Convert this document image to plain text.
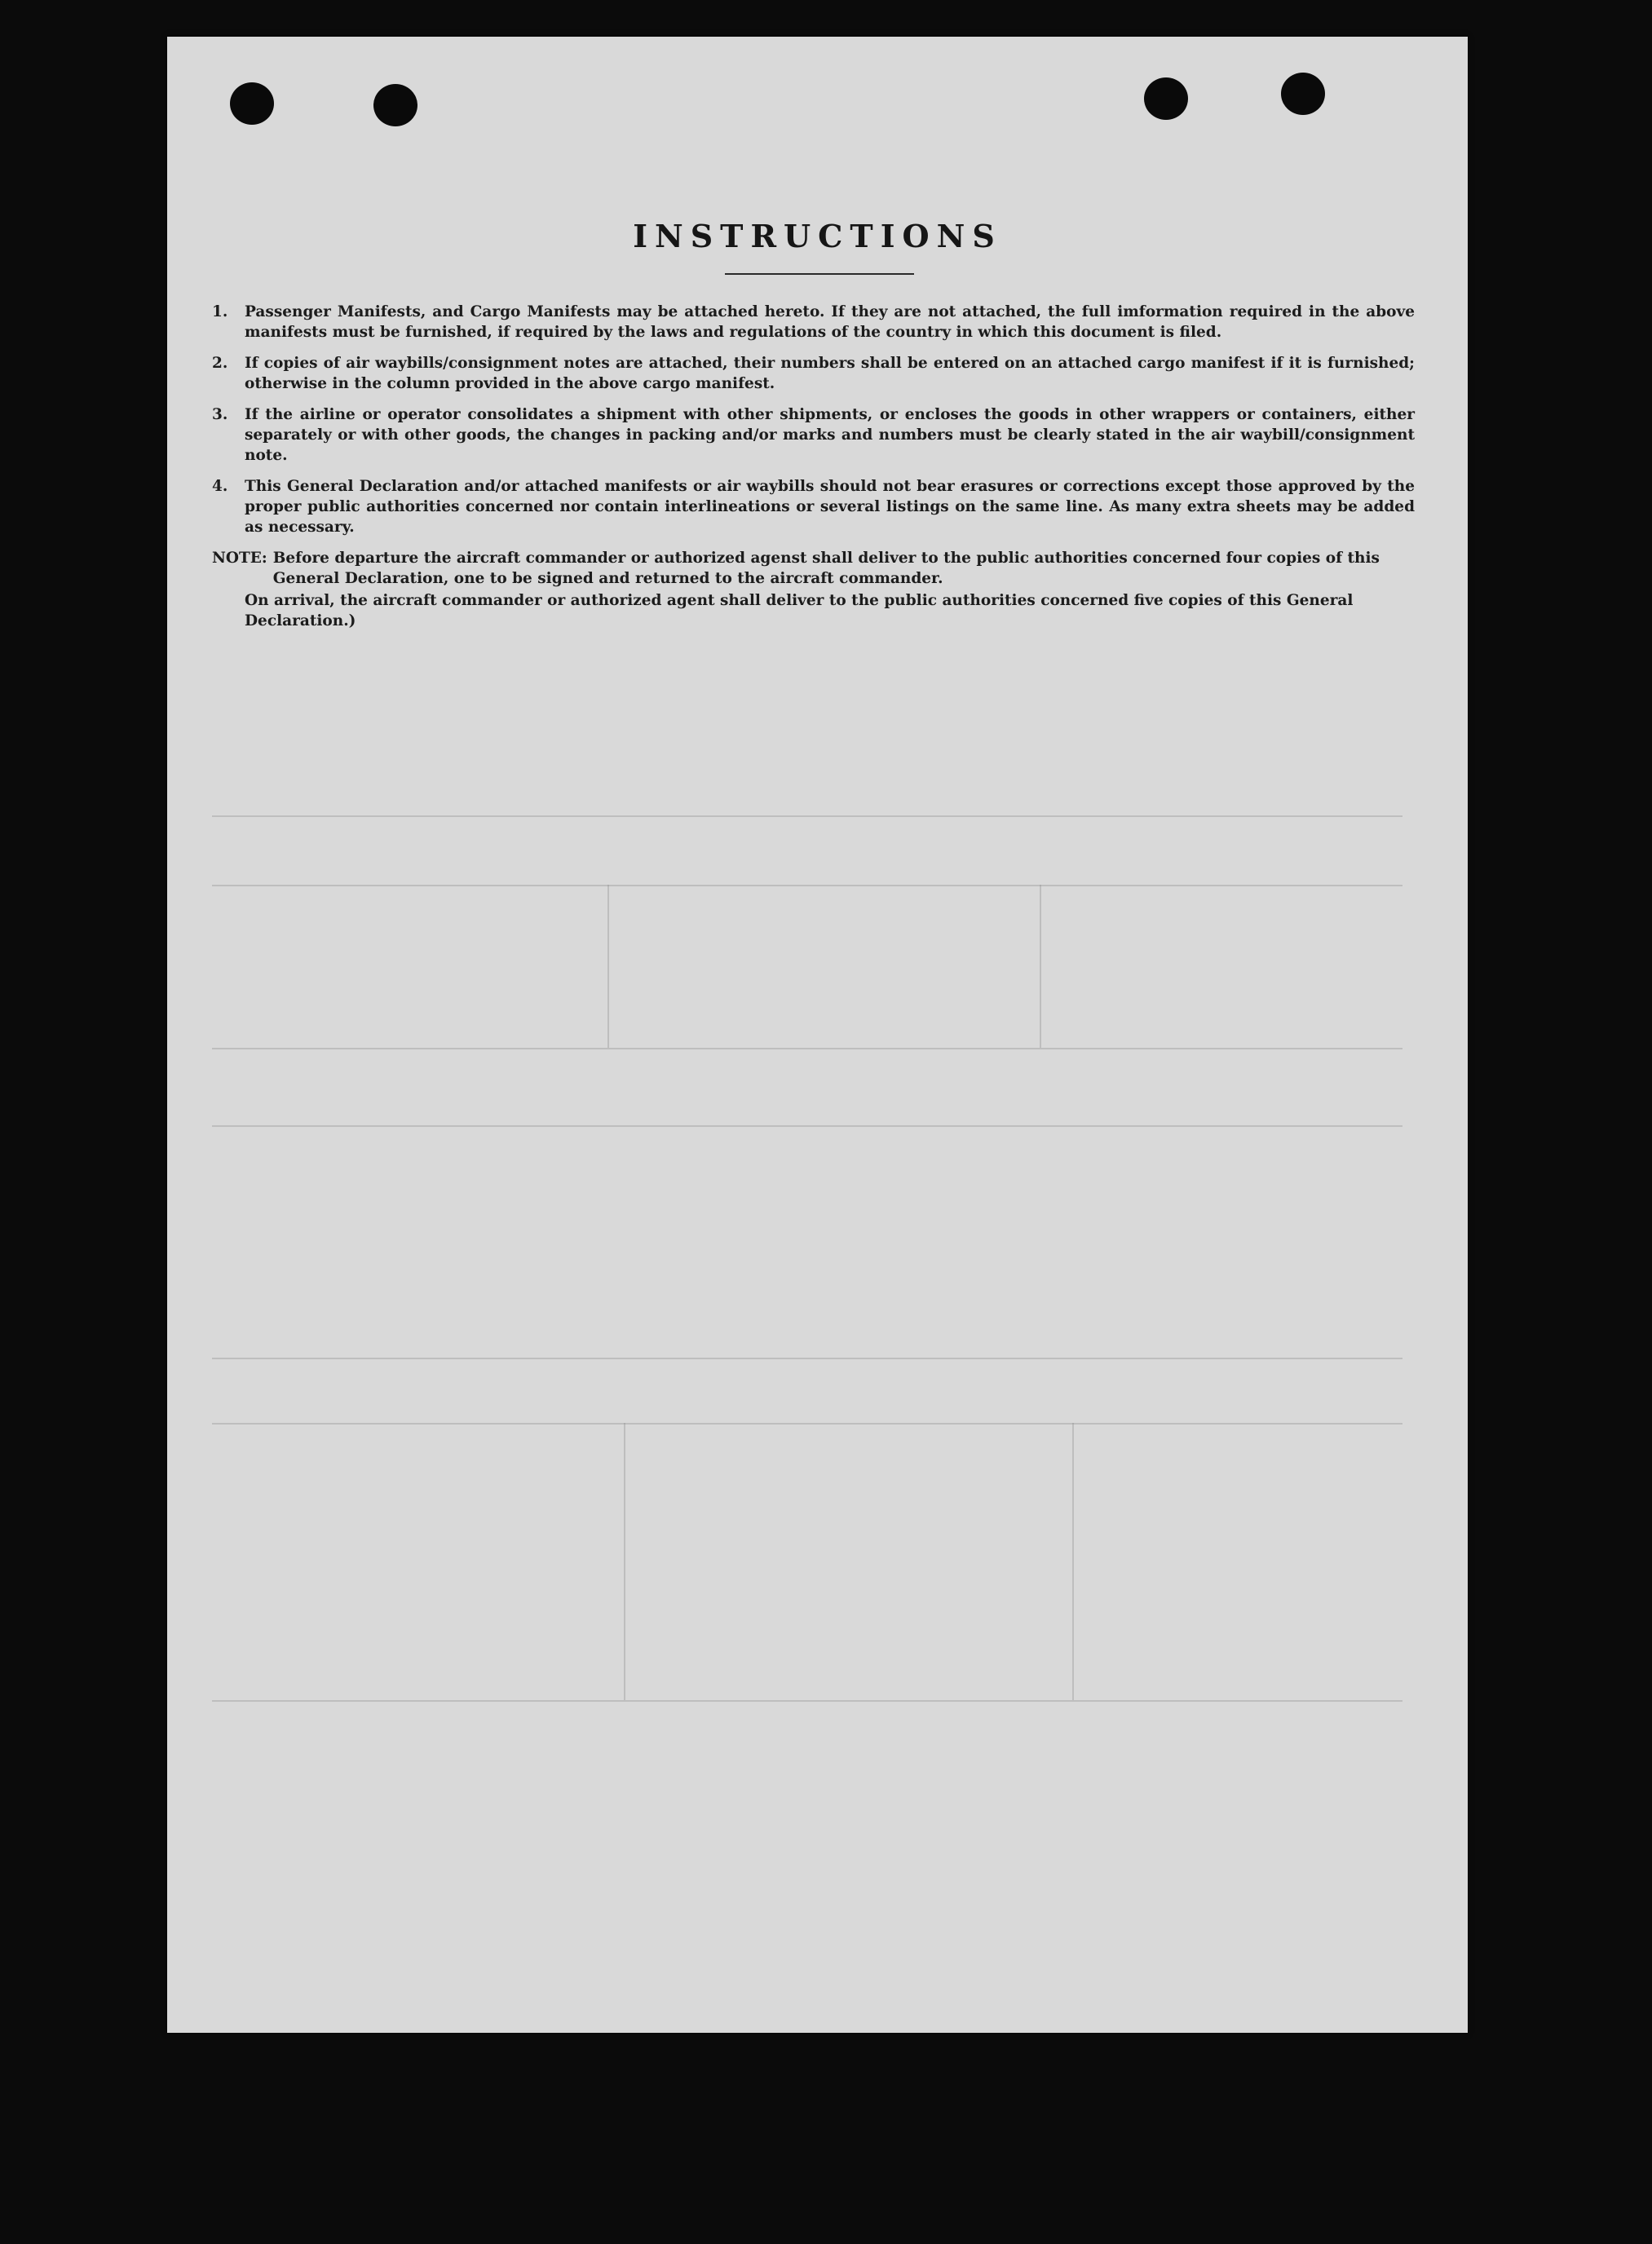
INSTRUCTIONS
1.	Passenger Manifests, and Cargo Manifests may be attached hereto. If they are not attached, the full imformation required in the above manifests must be furnished, if required by the laws and regulations of the country in which this document is filed.
2.	If copies of air waybills/consignment notes are attached, their numbers shall be entered on an attached cargo manifest if it is furnished; otherwise in the column provided in the above cargo manifest.
3.	If the airline or operator consolidates a shipment with other shipments, or encloses the goods in other wrappers or containers, either separately or with other goods, the changes in packing and/or marks and numbers must be clearly stated in the air waybill/consignment note.
4.	This General Declaration and/or attached manifests or air waybills should not bear erasures or corrections except those approved by the proper public authorities concerned nor contain interlineations or several listings on the same line. As many extra sheets may be added as necessary.
NOTE: Before departure the aircraft commander or authorized agenst shall deliver to the public authorities concerned four copies of this General Declaration, one to be signed and returned to the aircraft commander.

On arrival, the aircraft commander or authorized agent shall deliver to the public authorities concerned five copies of this General Declaration.)
